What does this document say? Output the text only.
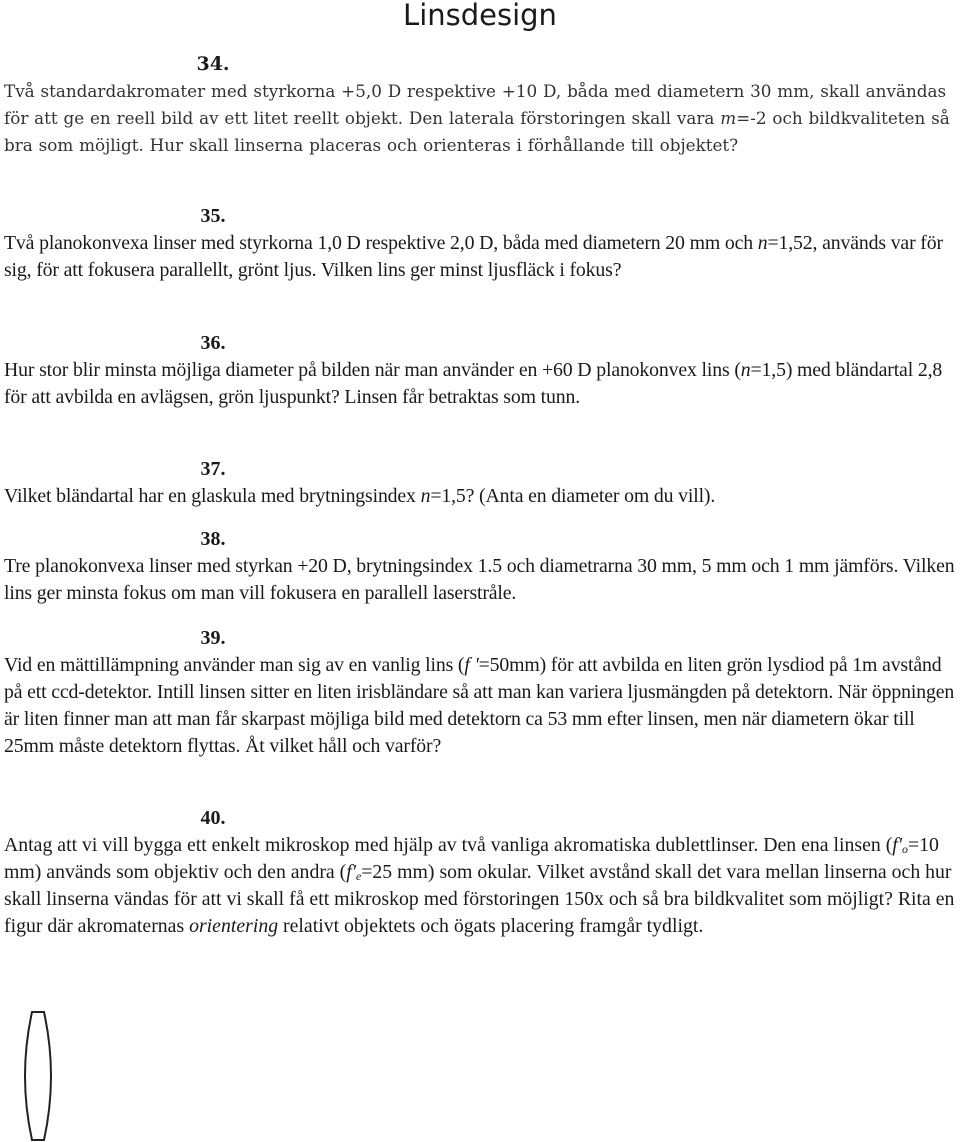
Linsdesign
34.
Två standardakromater med styrkorna +5,0 D respektive +10 D, båda med diametern 30 mm, skall användas för att ge en reell bild av ett litet reellt objekt. Den laterala förstoringen skall vara m=-2 och bildkvaliteten så bra som möjligt. Hur skall linserna placeras och orienteras i förhållande till objektet?
35.
Två planokonvexa linser med styrkorna 1,0 D respektive 2,0 D, båda med diametern 20 mm och n=1,52, används var för sig, för att fokusera parallellt, grönt ljus. Vilken lins ger minst ljusfläck i fokus?
36.
Hur stor blir minsta möjliga diameter på bilden när man använder en +60 D planokonvex lins (n=1,5) med bländartal 2,8 för att avbilda en avlägsen, grön ljuspunkt? Linsen får betraktas som tunn.
37.
Vilket bländartal har en glaskula med brytningsindex n=1,5? (Anta en diameter om du vill).
38.
Tre planokonvexa linser med styrkan +20 D, brytningsindex 1.5 och diametrarna 30 mm, 5 mm och 1 mm jämförs. Vilken lins ger minsta fokus om man vill fokusera en parallell laserstråle.
39.
Vid en mättillämpning använder man sig av en vanlig lins (f '=50mm) för att avbilda en liten grön lysdiod på 1m avstånd på ett ccd-detektor. Intill linsen sitter en liten irisbländare så att man kan variera ljusmängden på detektorn. När öppningen är liten finner man att man får skarpast möjliga bild med detektorn ca 53 mm efter linsen, men när diametern ökar till 25mm måste detektorn flyttas. Åt vilket håll och varför?
40.
Antag att vi vill bygga ett enkelt mikroskop med hjälp av två vanliga akromatiska dublettlinser. Den ena linsen ($f'_o=10$ mm) används som objektiv och den andra ($f'_e=25$ mm) som okular. Vilket avstånd skall det vara mellan linserna och hur skall linserna vändas för att vi skall få ett mikroskop med förstoringen 150x och så bra bildkvalitet som möjligt? Rita en figur där akromaternas orientering relativt objektets och ögats placering framgår tydligt.
